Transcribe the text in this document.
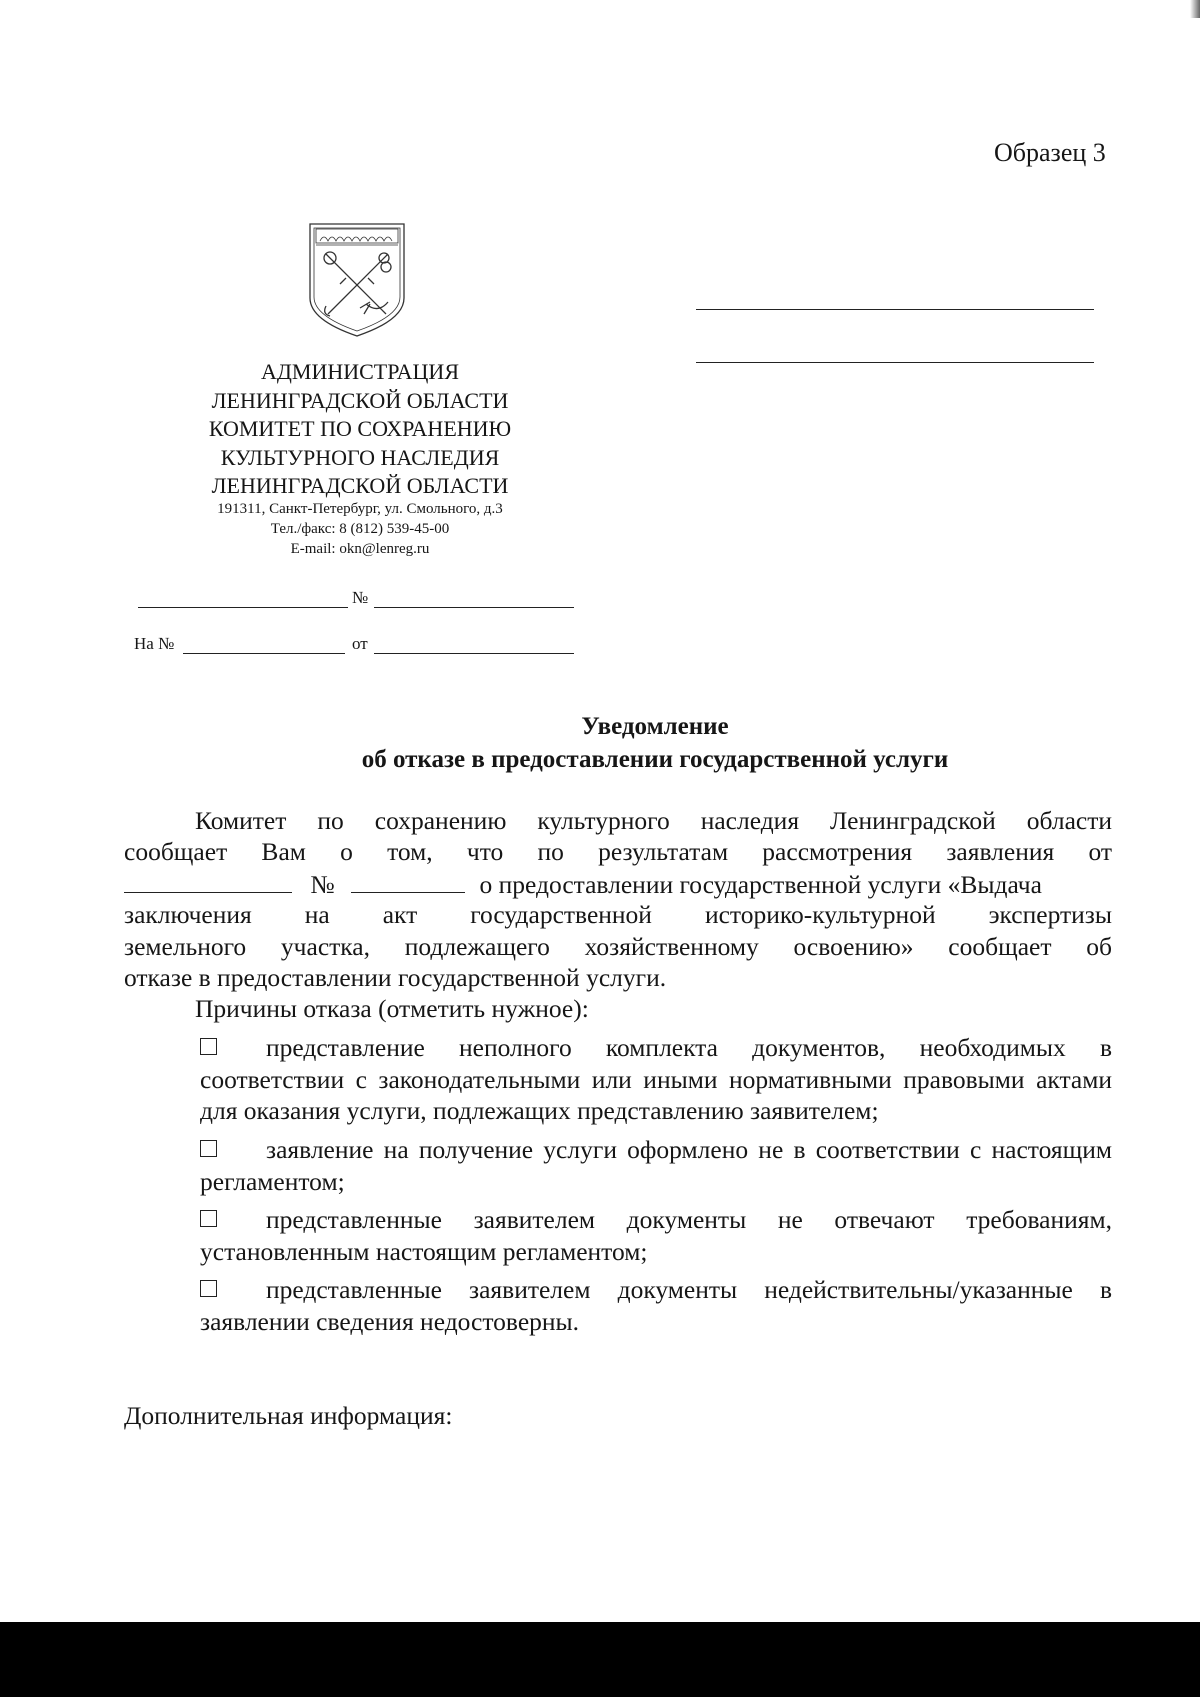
Образец 3
АДМИНИСТРАЦИЯ
ЛЕНИНГРАДСКОЙ ОБЛАСТИ
КОМИТЕТ ПО СОХРАНЕНИЮ
КУЛЬТУРНОГО НАСЛЕДИЯ
ЛЕНИНГРАДСКОЙ ОБЛАСТИ
191311, Санкт-Петербург, ул. Смольного, д.3
Тел./факс: 8 (812) 539-45-00
E-mail: okn@lenreg.ru
№
На №	от
Уведомление
об отказе в предоставлении государственной услуги
Комитет по сохранению культурного наследия Ленинградской области
сообщает Вам о том, что по результатам рассмотрения заявления от
№	о предоставлении государственной услуги «Выдача
заключения на акт государственной историко-культурной экспертизы
земельного участка, подлежащего хозяйственному освоению» сообщает об
отказе в предоставлении государственной услуги.
Причины отказа (отметить нужное):
представление неполного комплекта документов, необходимых в соответствии с законодательными или иными нормативными правовыми актами для оказания услуги, подлежащих представлению заявителем;
заявление на получение услуги оформлено не в соответствии с настоящим регламентом;
представленные заявителем документы не отвечают требованиям, установленным настоящим регламентом;
представленные заявителем документы недействительны/указанные в заявлении сведения недостоверны.
Дополнительная информация:
